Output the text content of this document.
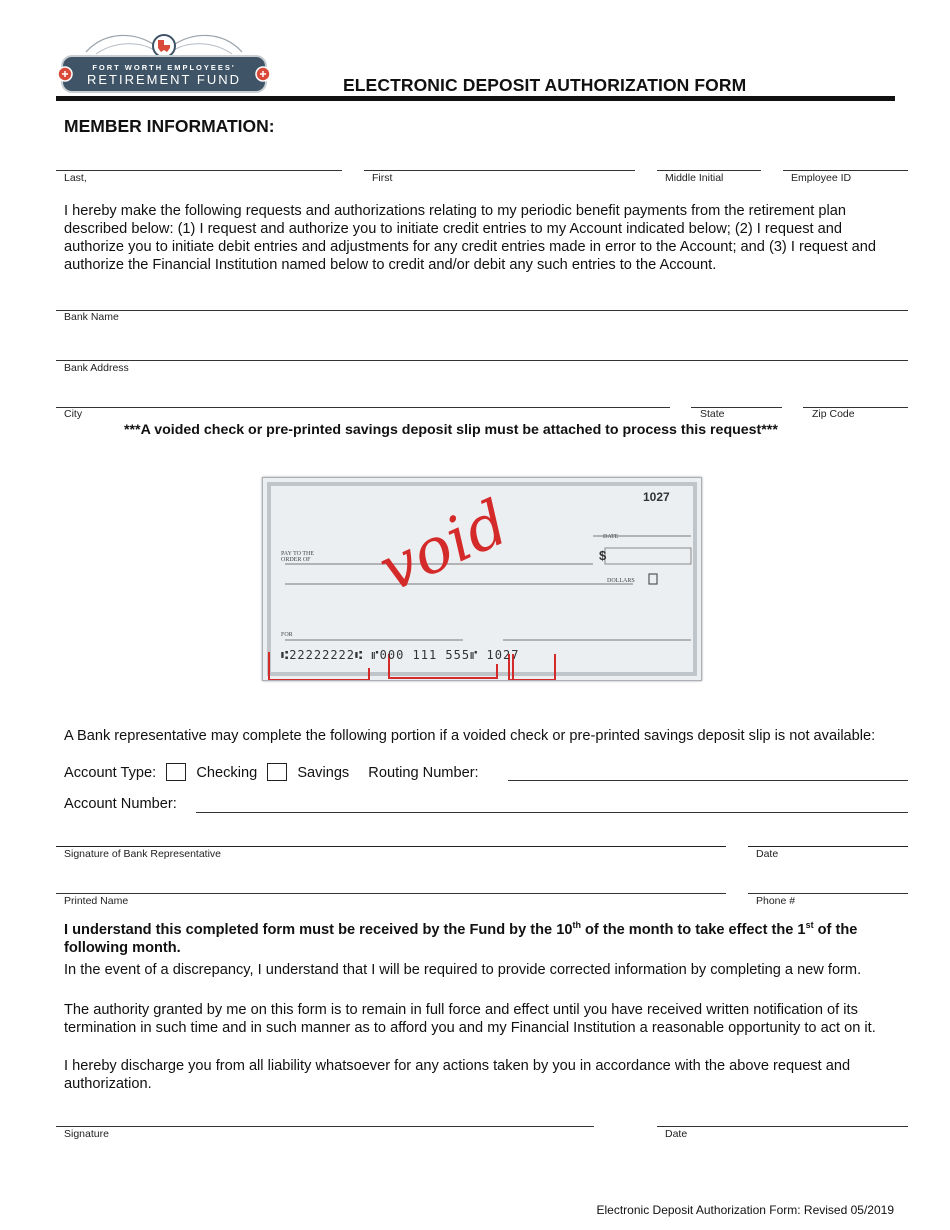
FORT WORTH EMPLOYEES'
RETIREMENT FUND	ELECTRONIC DEPOSIT AUTHORIZATION FORM
MEMBER INFORMATION:
Last,	First	Middle Initial	Employee ID
I hereby make the following requests and authorizations relating to my periodic benefit payments from the retirement plan described below: (1) I request and authorize you to initiate credit entries to my Account indicated below; (2) I request and authorize you to initiate debit entries and adjustments for any credit entries made in error to the Account; and (3) I request and authorize the Financial Institution named below to credit and/or debit any such entries to the Account.
Bank Name
Bank Address
City	State	Zip Code
***A voided check or pre-printed savings deposit slip must be attached to process this request***
1027
DATE
PAY TO THE
ORDER OF	$
DOLLARS
FOR
⑆22222222⑆ ⑈000 111 555⑈ 1027
void
A Bank representative may complete the following portion if a voided check or pre-printed savings deposit slip is not available:
Account Type:	Checking	Savings Routing Number:
Account Number:
Signature of Bank Representative	Date
Printed Name	Phone #
I understand this completed form must be received by the Fund by the 10th of the month to take effect the 1st of the following month.
In the event of a discrepancy, I understand that I will be required to provide corrected information by completing a new form.
The authority granted by me on this form is to remain in full force and effect until you have received written notification of its termination in such time and in such manner as to afford you and my Financial Institution a reasonable opportunity to act on it.
I hereby discharge you from all liability whatsoever for any actions taken by you in accordance with the above request and authorization.
Signature	Date
Electronic Deposit Authorization Form: Revised 05/2019
